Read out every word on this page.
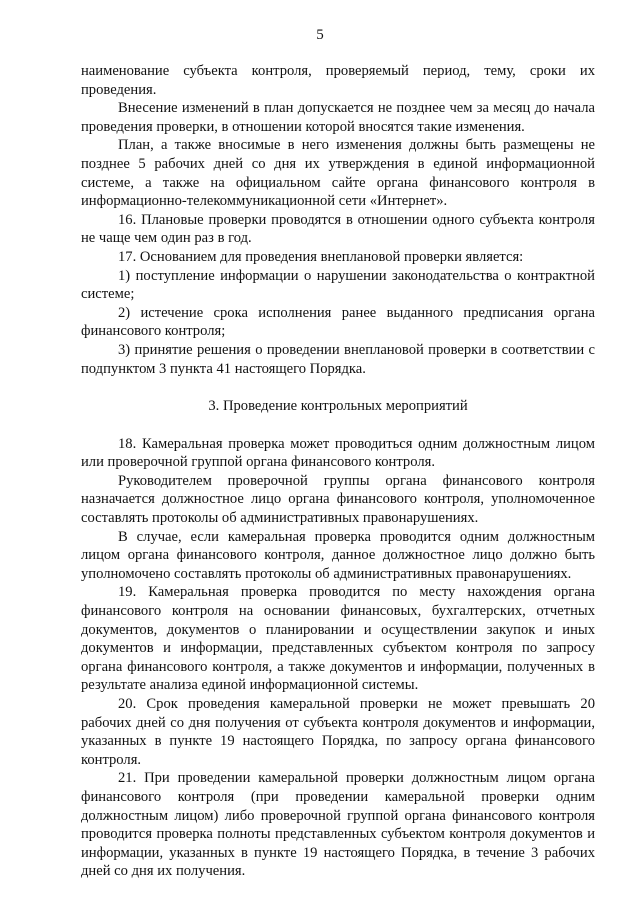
5

наименование субъекта контроля, проверяемый период, тему, сроки их проведения.

Внесение изменений в план допускается не позднее чем за месяц до начала проведения проверки, в отношении которой вносятся такие изменения.

План, а также вносимые в него изменения должны быть размещены не позднее 5 рабочих дней со дня их утверждения в единой информационной системе, а также на официальном сайте органа финансового контроля в информационно-телекоммуникационной сети «Интернет».

16. Плановые проверки проводятся в отношении одного субъекта контроля не чаще чем один раз в год.

17. Основанием для проведения внеплановой проверки является:

1) поступление информации о нарушении законодательства о контрактной системе;

2) истечение срока исполнения ранее выданного предписания органа финансового контроля;

3) принятие решения о проведении внеплановой проверки в соответствии с подпунктом 3 пункта 41 настоящего Порядка.

3. Проведение контрольных мероприятий

18. Камеральная проверка может проводиться одним должностным лицом или проверочной группой органа финансового контроля.

Руководителем проверочной группы органа финансового контроля назначается должностное лицо органа финансового контроля, уполномоченное составлять протоколы об административных правонарушениях.

В случае, если камеральная проверка проводится одним должностным лицом органа финансового контроля, данное должностное лицо должно быть уполномочено составлять протоколы об административных правонарушениях.

19. Камеральная проверка проводится по месту нахождения органа финансового контроля на основании финансовых, бухгалтерских, отчетных документов, документов о планировании и осуществлении закупок и иных документов и информации, представленных субъектом контроля по запросу органа финансового контроля, а также документов и информации, полученных в результате анализа единой информационной системы.

20. Срок проведения камеральной проверки не может превышать 20 рабочих дней со дня получения от субъекта контроля документов и информации, указанных в пункте 19 настоящего Порядка, по запросу органа финансового контроля.

21. При проведении камеральной проверки должностным лицом органа финансового контроля (при проведении камеральной проверки одним должностным лицом) либо проверочной группой органа финансового контроля проводится проверка полноты представленных субъектом контроля документов и информации, указанных в пункте 19 настоящего Порядка, в течение 3 рабочих дней со дня их получения.
